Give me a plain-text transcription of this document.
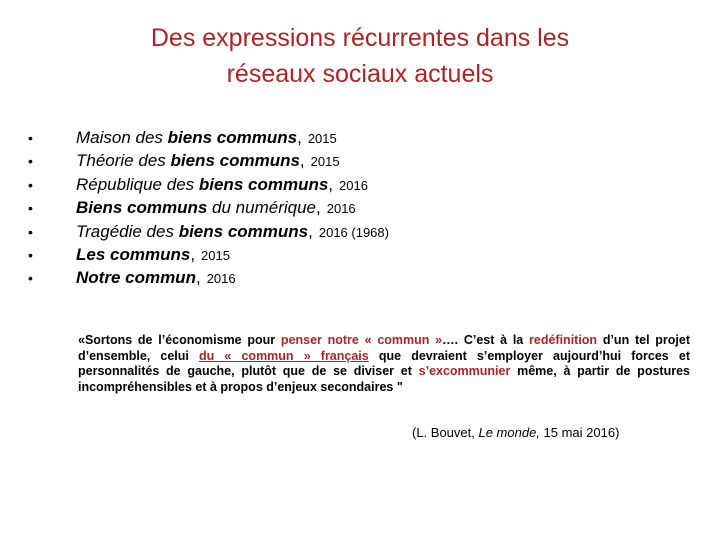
Des expressions récurrentes dans les
réseaux sociaux actuels
•	Maison des biens communs , 2015
•	Théorie des biens communs , 2015
•	République des biens communs , 2016
•	Biens communs du numérique , 2016
•	Tragédie des biens communs , 2016 (1968)
•	Les communs , 2015
•	Notre commun , 2016
«Sortons de l’économisme pour penser notre « commun »…. C’est à la redéfinition d’un tel projet d’ensemble, celui du « commun » français que devraient s’employer aujourd’hui forces et personnalités de gauche, plutôt que de se diviser et s’excommunier même, à partir de postures incompréhensibles et à propos d’enjeux secondaires "
(L. Bouvet, Le monde, 15 mai 2016)
